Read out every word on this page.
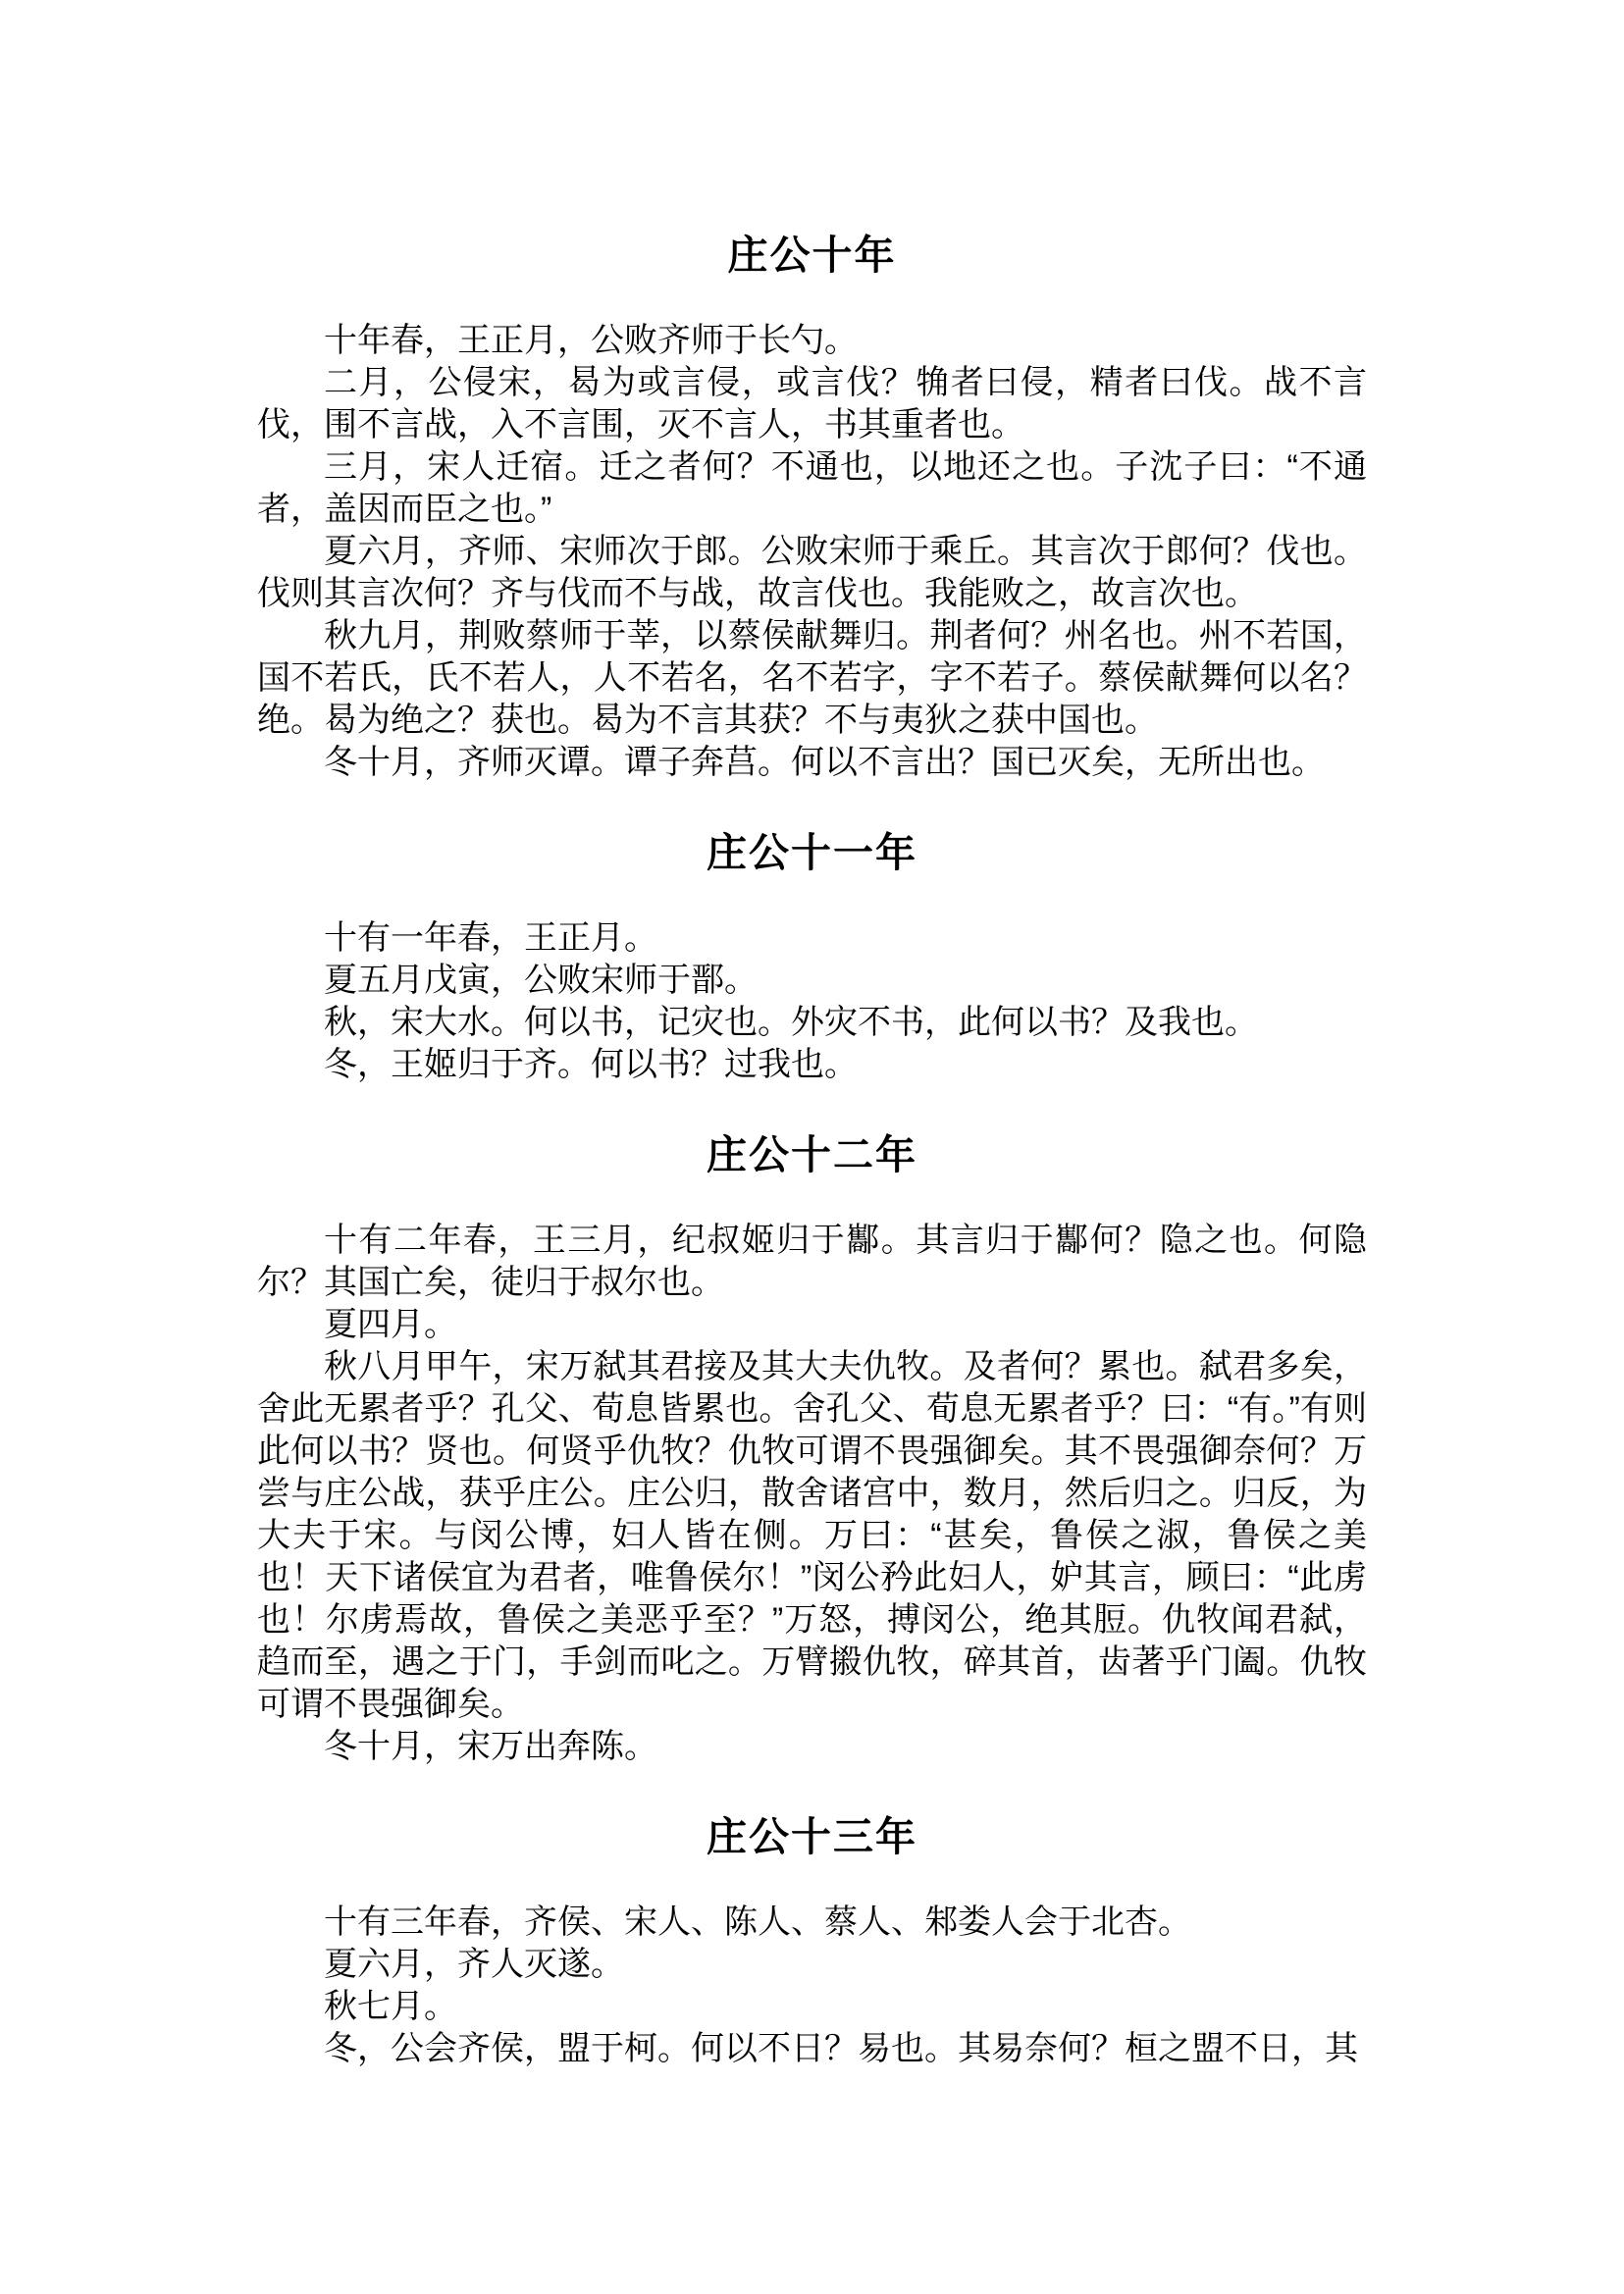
庄公十年

十年春，王正月，公败齐师于长勺。

二月，公侵宋，曷为或言侵，或言伐？觕者曰侵，精者曰伐。战不言伐，围不言战，入不言围，灭不言人，书其重者也。

三月，宋人迁宿。迁之者何？不通也，以地还之也。子沈子曰：“不通者，盖因而臣之也。”

夏六月，齐师、宋师次于郎。公败宋师于乘丘。其言次于郎何？伐也。伐则其言次何？齐与伐而不与战，故言伐也。我能败之，故言次也。

秋九月，荆败蔡师于莘，以蔡侯献舞归。荆者何？州名也。州不若国，国不若氏，氏不若人，人不若名，名不若字，字不若子。蔡侯献舞何以名？绝。曷为绝之？获也。曷为不言其获？不与夷狄之获中国也。

冬十月，齐师灭谭。谭子奔莒。何以不言出？国已灭矣，无所出也。

庄公十一年

十有一年春，王正月。

夏五月戊寅，公败宋师于鄑。

秋，宋大水。何以书，记灾也。外灾不书，此何以书？及我也。

冬，王姬归于齐。何以书？过我也。

庄公十二年

十有二年春，王三月，纪叔姬归于酅。其言归于酅何？隐之也。何隐尔？其国亡矣，徒归于叔尔也。

夏四月。

秋八月甲午，宋万弑其君接及其大夫仇牧。及者何？累也。弑君多矣，舍此无累者乎？孔父、荀息皆累也。舍孔父、荀息无累者乎？曰：“有。”有则此何以书？贤也。何贤乎仇牧？仇牧可谓不畏强御矣。其不畏强御奈何？万尝与庄公战，获乎庄公。庄公归，散舍诸宫中，数月，然后归之。归反，为大夫于宋。与闵公博，妇人皆在侧。万曰：“甚矣，鲁侯之淑，鲁侯之美也！天下诸侯宜为君者，唯鲁侯尔！”闵公矜此妇人，妒其言，顾曰：“此虏也！尔虏焉故，鲁侯之美恶乎至？”万怒，搏闵公，绝其脰。仇牧闻君弑，趋而至，遇之于门，手剑而叱之。万臂摋仇牧，碎其首，齿著乎门阖。仇牧可谓不畏强御矣。

冬十月，宋万出奔陈。

庄公十三年

十有三年春，齐侯、宋人、陈人、蔡人、邾娄人会于北杏。

夏六月，齐人灭遂。

秋七月。

冬，公会齐侯，盟于柯。何以不日？易也。其易奈何？桓之盟不日，其
